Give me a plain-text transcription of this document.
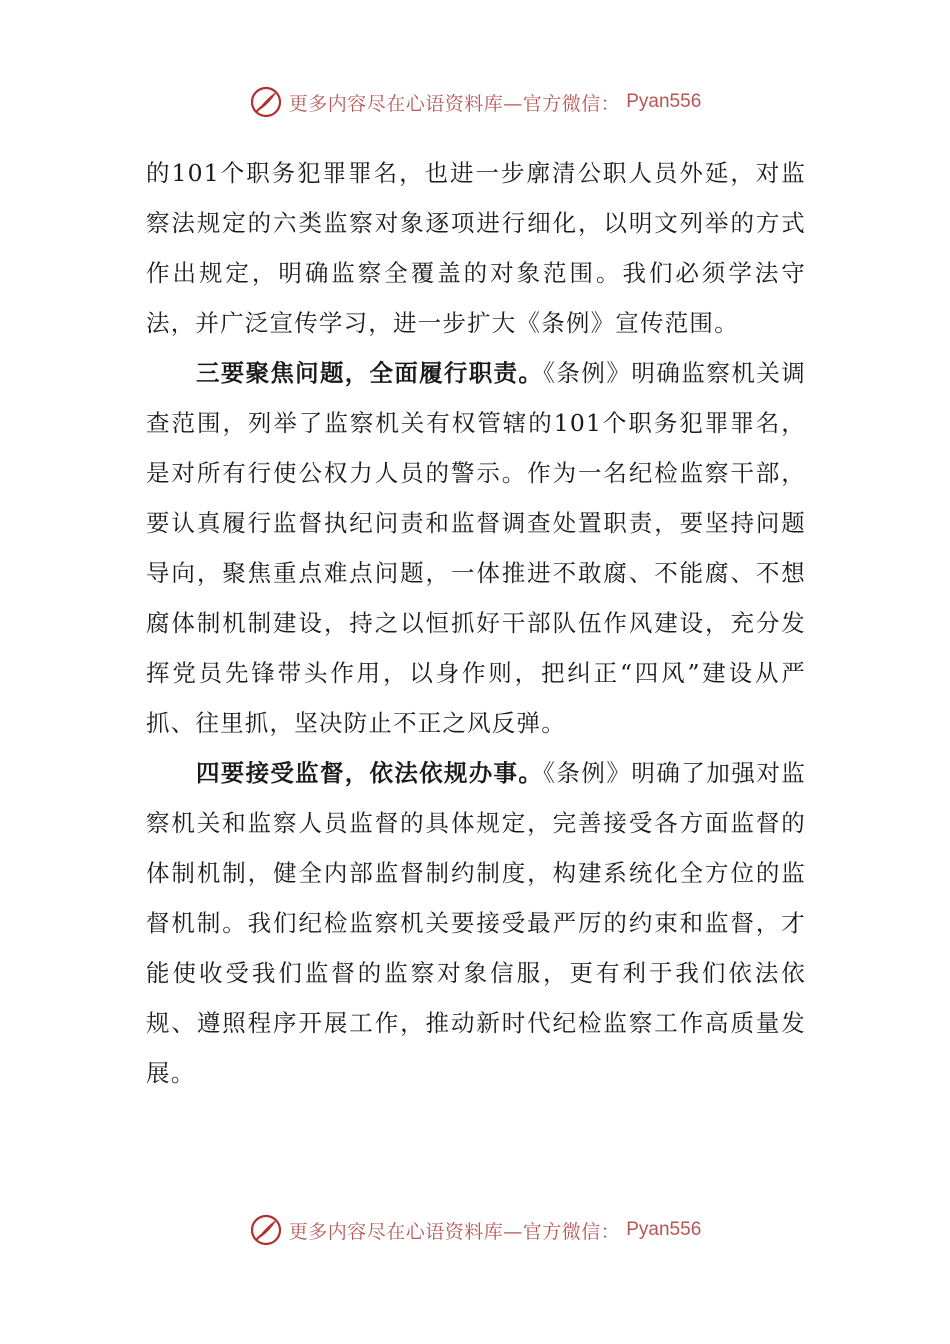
更多内容尽在心语资料库—官方微信： Pyan556

的101个职务犯罪罪名，也进一步廓清公职人员外延，对监察法规定的六类监察对象逐项进行细化，以明文列举的方式作出规定，明确监察全覆盖的对象范围。我们必须学法守法，并广泛宣传学习，进一步扩大《条例》宣传范围。

三要聚焦问题，全面履行职责。《条例》明确监察机关调查范围，列举了监察机关有权管辖的101个职务犯罪罪名，是对所有行使公权力人员的警示。作为一名纪检监察干部，要认真履行监督执纪问责和监督调查处置职责，要坚持问题导向，聚焦重点难点问题，一体推进不敢腐、不能腐、不想腐体制机制建设，持之以恒抓好干部队伍作风建设，充分发挥党员先锋带头作用，以身作则，把纠正“四风”建设从严抓、往里抓，坚决防止不正之风反弹。

四要接受监督，依法依规办事。《条例》明确了加强对监察机关和监察人员监督的具体规定，完善接受各方面监督的体制机制，健全内部监督制约制度，构建系统化全方位的监督机制。我们纪检监察机关要接受最严厉的约束和监督，才能使收受我们监督的监察对象信服，更有利于我们依法依规、遵照程序开展工作，推动新时代纪检监察工作高质量发展。

更多内容尽在心语资料库—官方微信： Pyan556
